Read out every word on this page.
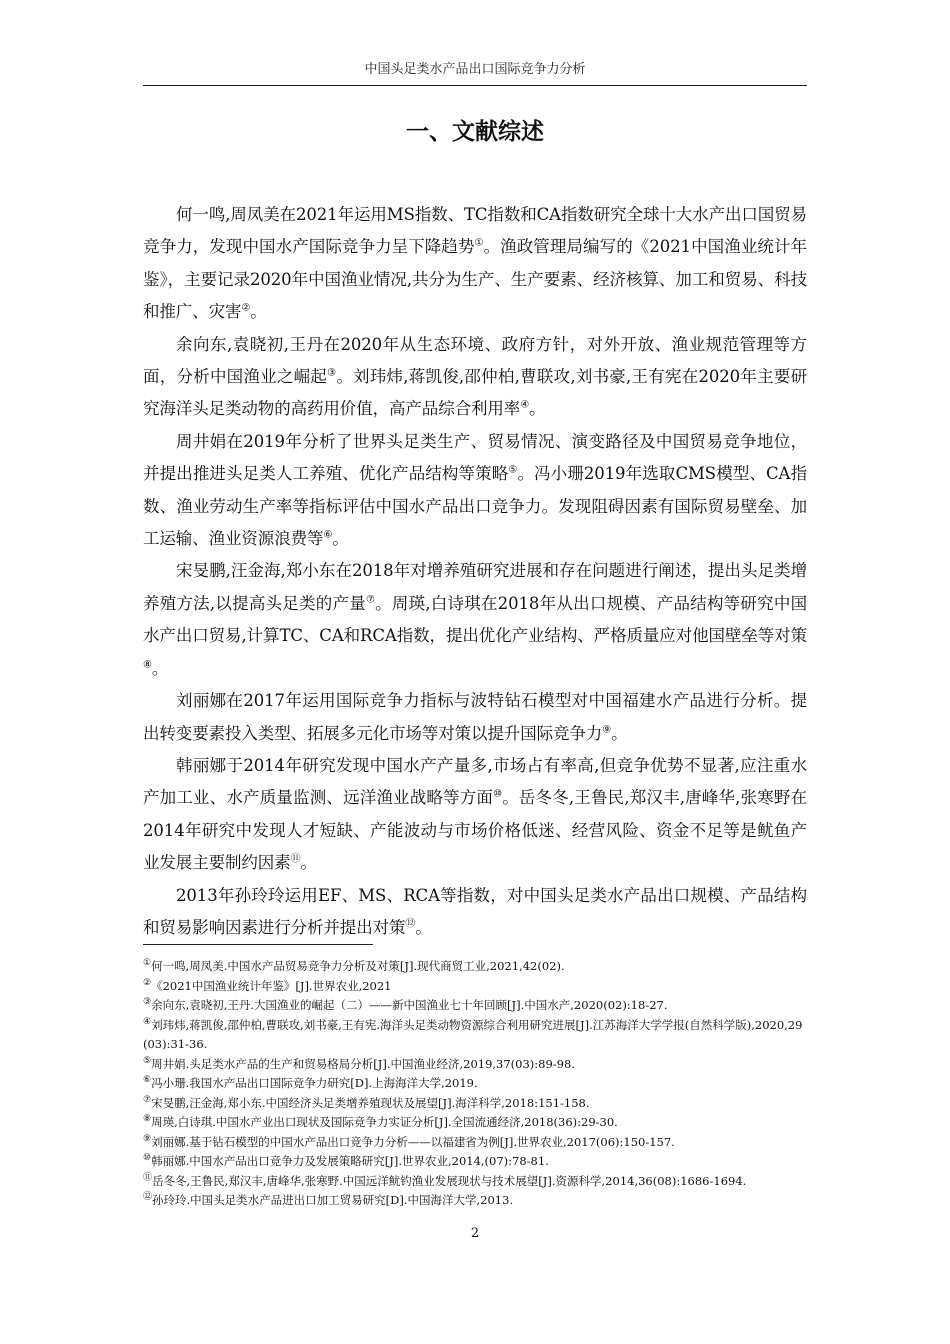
中国头足类水产品出口国际竞争力分析
一、文献综述

何一鸣,周凤美在2021年运用MS指数、TC指数和CA指数研究全球十大水产出口国贸易竞争力，发现中国水产国际竞争力呈下降趋势①。渔政管理局编写的《2021中国渔业统计年鉴》，主要记录2020年中国渔业情况,共分为生产、生产要素、经济核算、加工和贸易、科技和推广、灾害②。

余向东,袁晓初,王丹在2020年从生态环境、政府方针，对外开放、渔业规范管理等方面，分析中国渔业之崛起③。刘玮炜,蒋凯俊,邵仲柏,曹联攻,刘书豪,王有宪在2020年主要研究海洋头足类动物的高药用价值，高产品综合利用率④。

周井娟在2019年分析了世界头足类生产、贸易情况、演变路径及中国贸易竞争地位，并提出推进头足类人工养殖、优化产品结构等策略⑤。冯小珊2019年选取CMS模型、CA指数、渔业劳动生产率等指标评估中国水产品出口竞争力。发现阻碍因素有国际贸易壁垒、加工运输、渔业资源浪费等⑥。

宋旻鹏,汪金海,郑小东在2018年对增养殖研究进展和存在问题进行阐述，提出头足类增养殖方法,以提高头足类的产量⑦。周瑛,白诗琪在2018年从出口规模、产品结构等研究中国水产出口贸易,计算TC、CA和RCA指数，提出优化产业结构、严格质量应对他国壁垒等对策⑧。

刘丽娜在2017年运用国际竞争力指标与波特钻石模型对中国福建水产品进行分析。提出转变要素投入类型、拓展多元化市场等对策以提升国际竞争力⑨。

韩丽娜于2014年研究发现中国水产产量多,市场占有率高,但竞争优势不显著,应注重水产加工业、水产质量监测、远洋渔业战略等方面⑩。岳冬冬,王鲁民,郑汉丰,唐峰华,张寒野在2014年研究中发现人才短缺、产能波动与市场价格低迷、经营风险、资金不足等是鱿鱼产业发展主要制约因素⑪。

2013年孙玲玲运用EF、MS、RCA等指数，对中国头足类水产品出口规模、产品结构和贸易影响因素进行分析并提出对策⑫。

①何一鸣,周凤美.中国水产品贸易竞争力分析及对策[J].现代商贸工业,2021,42(02).

②《2021中国渔业统计年鉴》[J].世界农业,2021

③余向东,袁晓初,王丹.大国渔业的崛起（二）——新中国渔业七十年回顾[J].中国水产,2020(02):18-27.

④刘玮炜,蒋凯俊,邵仲柏,曹联攻,刘书豪,王有宪.海洋头足类动物资源综合利用研究进展[J].江苏海洋大学学报(自然科学版),2020,29(03):31-36.

⑤周井娟.头足类水产品的生产和贸易格局分析[J].中国渔业经济,2019,37(03):89-98.

⑥冯小珊.我国水产品出口国际竞争力研究[D].上海海洋大学,2019.

⑦宋旻鹏,汪金海,郑小东.中国经济头足类增养殖现状及展望[J].海洋科学,2018:151-158.

⑧周瑛,白诗琪.中国水产业出口现状及国际竞争力实证分析[J].全国流通经济,2018(36):29-30.

⑨刘丽娜.基于钻石模型的中国水产品出口竞争力分析——以福建省为例[J].世界农业,2017(06):150-157.

⑩韩丽娜.中国水产品出口竞争力及发展策略研究[J].世界农业,2014,(07):78-81.

⑪岳冬冬,王鲁民,郑汉丰,唐峰华,张寒野.中国远洋鱿钓渔业发展现状与技术展望[J].资源科学,2014,36(08):1686-1694.

⑫孙玲玲.中国头足类水产品进出口加工贸易研究[D].中国海洋大学,2013.

2
